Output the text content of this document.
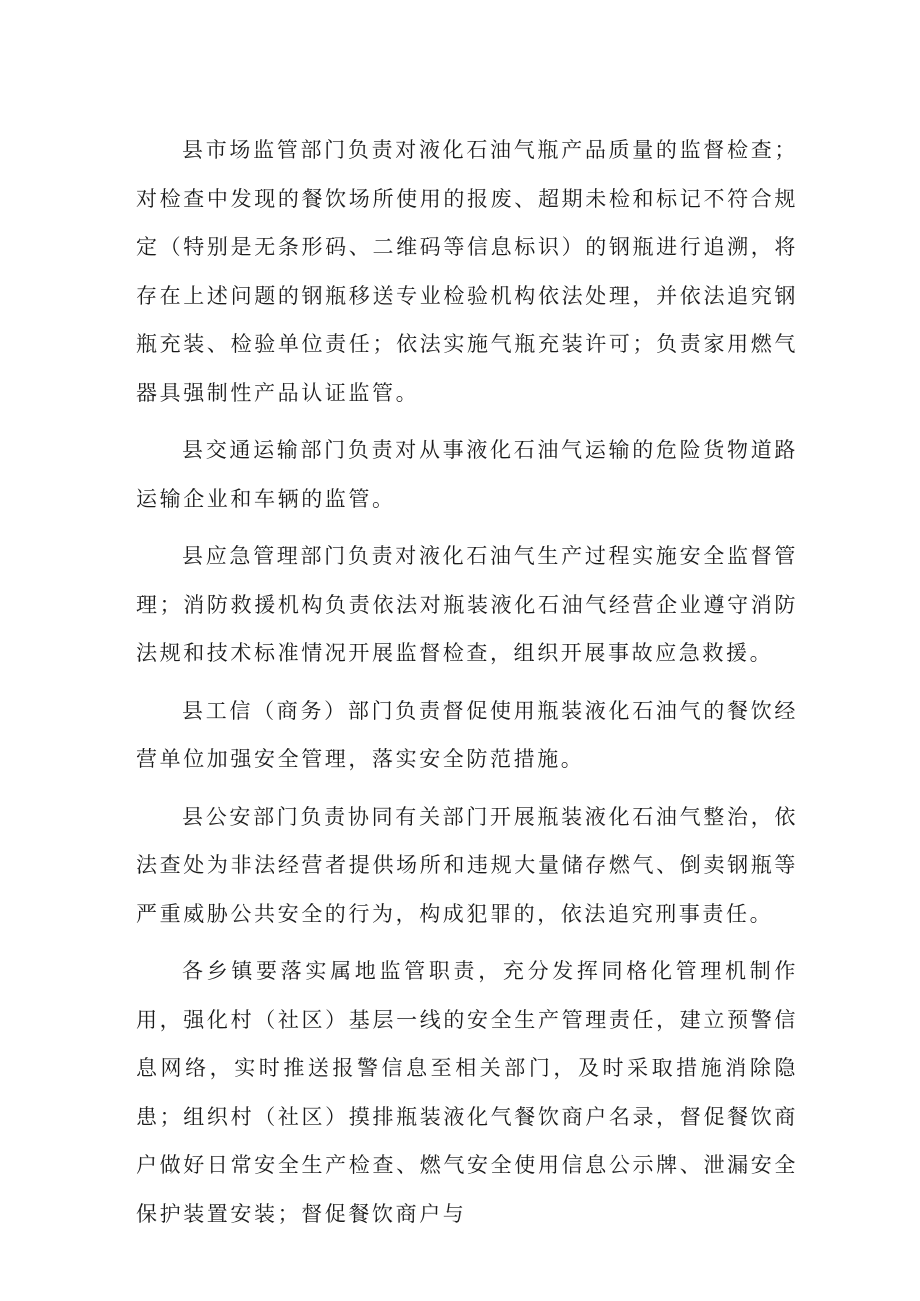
县市场监管部门负责对液化石油气瓶产品质量的监督检查；对检查中发现的餐饮场所使用的报废、超期未检和标记不符合规定（特别是无条形码、二维码等信息标识）的钢瓶进行追溯，将存在上述问题的钢瓶移送专业检验机构依法处理，并依法追究钢瓶充装、检验单位责任；依法实施气瓶充装许可；负责家用燃气器具强制性产品认证监管。

县交通运输部门负责对从事液化石油气运输的危险货物道路运输企业和车辆的监管。

县应急管理部门负责对液化石油气生产过程实施安全监督管理；消防救援机构负责依法对瓶装液化石油气经营企业遵守消防法规和技术标准情况开展监督检查，组织开展事故应急救援。

县工信（商务）部门负责督促使用瓶装液化石油气的餐饮经营单位加强安全管理，落实安全防范措施。

县公安部门负责协同有关部门开展瓶装液化石油气整治，依法查处为非法经营者提供场所和违规大量储存燃气、倒卖钢瓶等严重威胁公共安全的行为，构成犯罪的，依法追究刑事责任。

各乡镇要落实属地监管职责，充分发挥同格化管理机制作用，强化村（社区）基层一线的安全生产管理责任，建立预警信息网络，实时推送报警信息至相关部门，及时采取措施消除隐患；组织村（社区）摸排瓶装液化气餐饮商户名录，督促餐饮商户做好日常安全生产检查、燃气安全使用信息公示牌、泄漏安全保护装置安装；督促餐饮商户与
